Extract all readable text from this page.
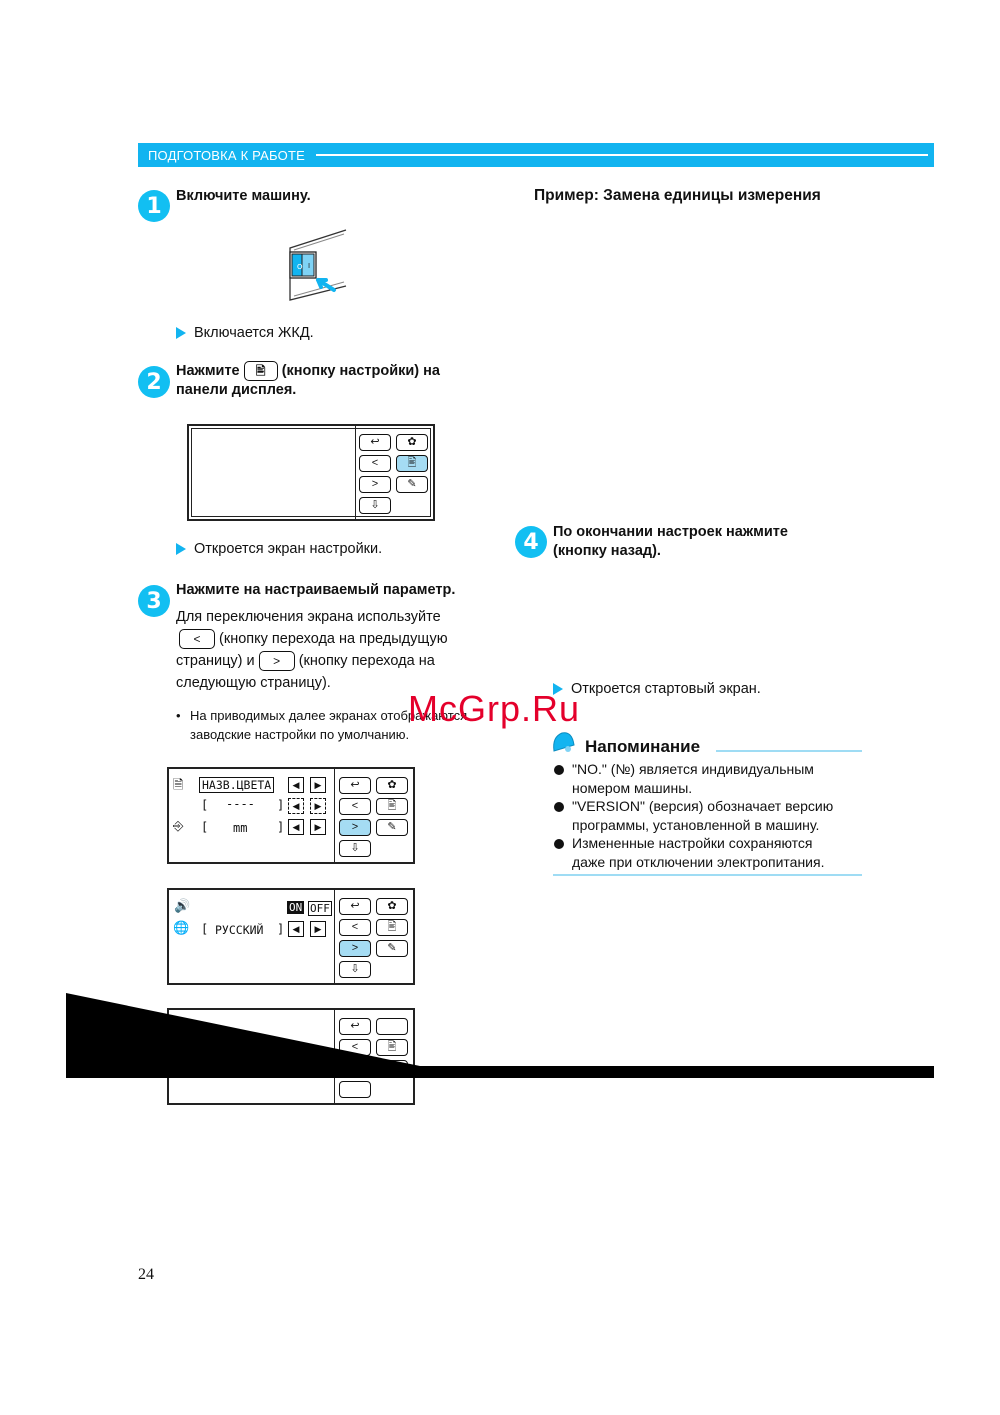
ПОДГОТОВКА К РАБОТЕ
1 Включите машину.
O I
Включается ЖКД.
2 Нажмите 🖹 (кнопку настройки) на
панели дисплея.
↩	✿
<	🖹
>	✎
⇩
Откроется экран настройки.
3 Нажмите на настраиваемый параметр.
Для переключения экрана используйте
< (кнопку перехода на предыдущую
страницу) и > (кнопку перехода на
следующую страницу).
• На приводимых далее экранах отображаются
заводские настройки по умолчанию.
🗎 НАЗВ.ЦВЕТА	◀	▶
[ ---- ] ◀	▶
⎆ [ mm ] ◀	▶
↩	✿
<	🖹
>	✎
⇩
🔊	ON OFF
🌐 [ РУССКИЙ ] ◀	▶
↩	✿
<	🖹
>	✎
⇩
↩
<	🖹
Пример: Замена единицы измерения
4 По окончании настроек нажмите
(кнопку назад).
Откроется стартовый экран.
McGrp.Ru
Напоминание
"NO." (№) является индивидуальным
номером машины.
"VERSION" (версия) обозначает версию
программы, установленной в машину.
Измененные настройки сохраняются
даже при отключении электропитания.
24
